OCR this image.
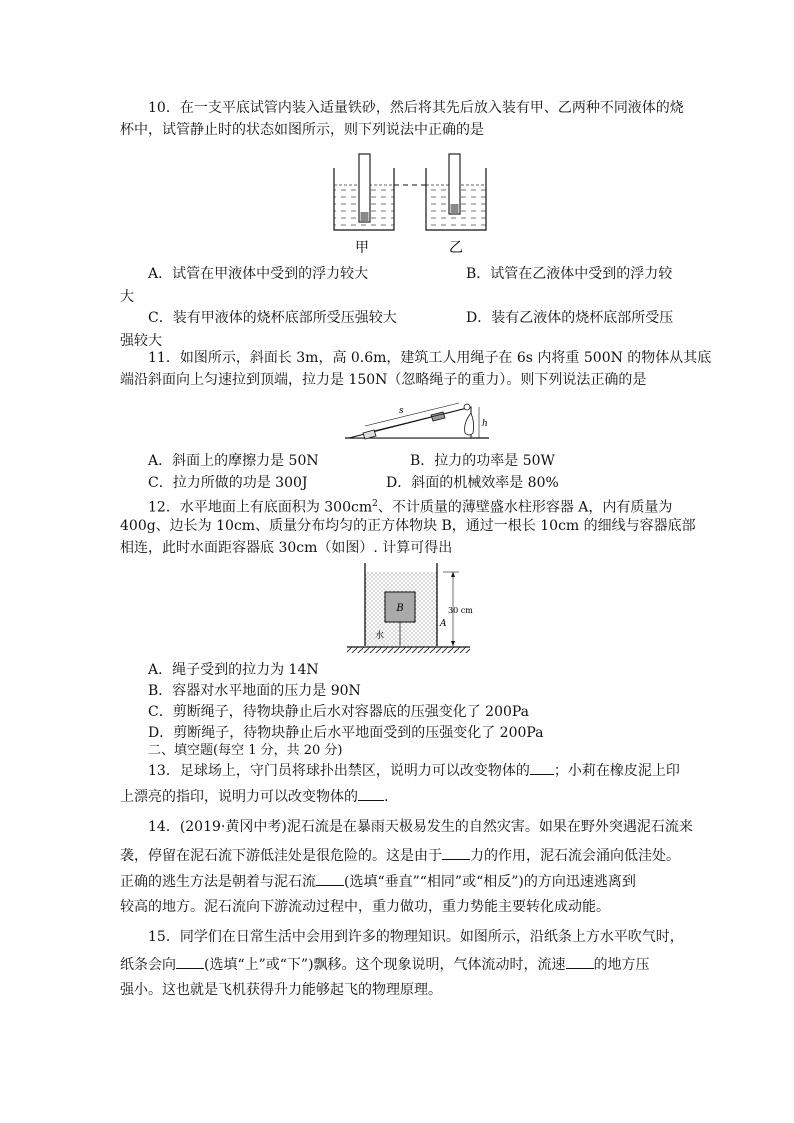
10．在一支平底试管内装入适量铁砂，然后将其先后放入装有甲、乙两种不同液体的烧
杯中，试管静止时的状态如图所示，则下列说法中正确的是
甲	乙
A．试管在甲液体中受到的浮力较大	B．试管在乙液体中受到的浮力较
大
C．装有甲液体的烧杯底部所受压强较大	D．装有乙液体的烧杯底部所受压
强较大
11．如图所示，斜面长 3m，高 0.6m，建筑工人用绳子在 6s 内将重 500N 的物体从其底
端沿斜面向上匀速拉到顶端，拉力是 150N（忽略绳子的重力）。则下列说法正确的是
s
h
A．斜面上的摩擦力是 50N	B．拉力的功率是 50W
C．拉力所做的功是 300J	D．斜面的机械效率是 80%
12．水平地面上有底面积为 $300cm^2$、不计质量的薄壁盛水柱形容器 A，内有质量为
400g、边长为 10cm、质量分布均匀的正方体物块 B，通过一根长 10cm 的细线与容器底部
相连，此时水面距容器底 30cm（如图）. 计算可得出
B
水
A
30 cm
A．绳子受到的拉力为 14N
B．容器对水平地面的压力是 90N
C．剪断绳子，待物块静止后水对容器底的压强变化了 200Pa
D．剪断绳子，待物块静止后水平地面受到的压强变化了 200Pa
二、填空题(每空 1 分，共 20 分)
13．足球场上，守门员将球扑出禁区，说明力可以改变物体的 ；小莉在橡皮泥上印
上漂亮的指印，说明力可以改变物体的 .
14．(2019·黄冈中考)泥石流是在暴雨天极易发生的自然灾害。如果在野外突遇泥石流来
袭，停留在泥石流下游低洼处是很危险的。这是由于 力的作用，泥石流会涌向低洼处。
正确的逃生方法是朝着与泥石流 (选填“垂直”“相同”或“相反”)的方向迅速逃离到
较高的地方。泥石流向下游流动过程中，重力做功，重力势能主要转化成动能。
15．同学们在日常生活中会用到许多的物理知识。如图所示，沿纸条上方水平吹气时，
纸条会向 (选填“上”或“下”)飘移。这个现象说明，气体流动时，流速 的地方压
强小。这也就是飞机获得升力能够起飞的物理原理。
